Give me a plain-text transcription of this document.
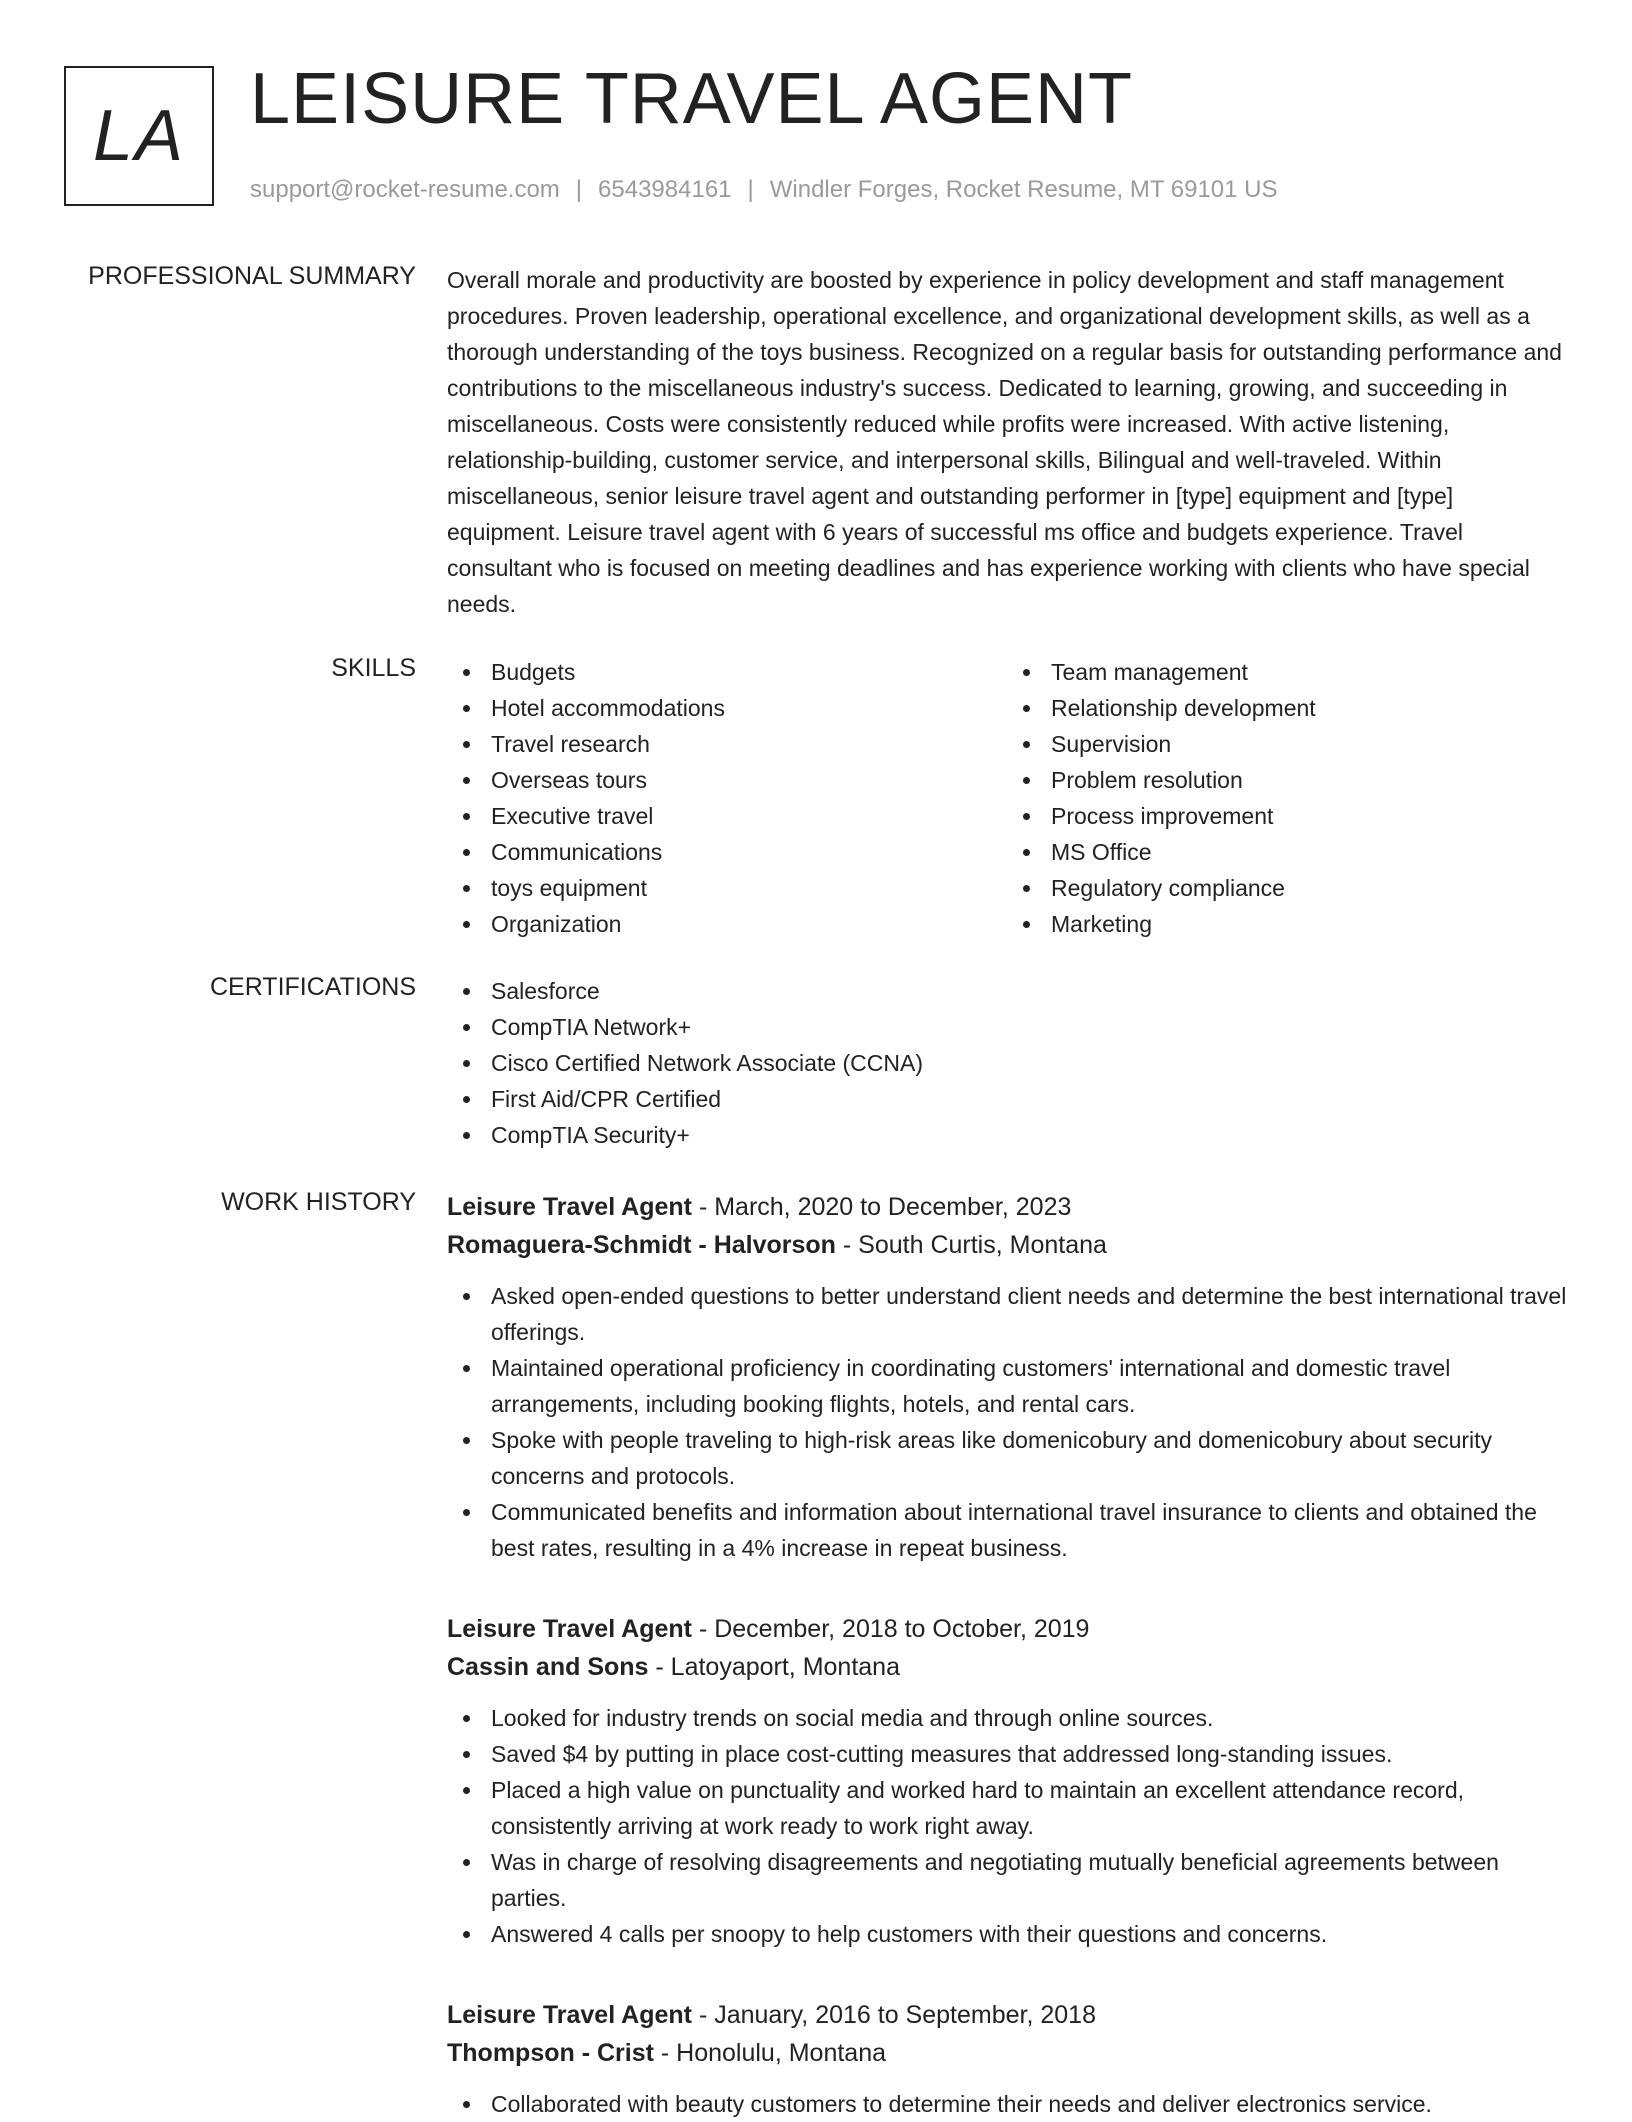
LA LEISURE TRAVEL AGENT
support@rocket-resume.com | 6543984161 | Windler Forges, Rocket Resume, MT 69101 US
PROFESSIONAL SUMMARY Overall morale and productivity are boosted by experience in policy development and staff management procedures. Proven leadership, operational excellence, and organizational development skills, as well as a thorough understanding of the toys business. Recognized on a regular basis for outstanding performance and contributions to the miscellaneous industry's success. Dedicated to learning, growing, and succeeding in miscellaneous. Costs were consistently reduced while profits were increased. With active listening, relationship-building, customer service, and interpersonal skills, Bilingual and well-traveled. Within miscellaneous, senior leisure travel agent and outstanding performer in [type] equipment and [type] equipment. Leisure travel agent with 6 years of successful ms office and budgets experience. Travel consultant who is focused on meeting deadlines and has experience working with clients who have special needs.
SKILLS	Budgets
Hotel accommodations
Travel research
Overseas tours
Executive travel
Communications
toys equipment
Organization
Team management
Relationship development
Supervision
Problem resolution
Process improvement
MS Office
Regulatory compliance
Marketing
CERTIFICATIONS	Salesforce
CompTIA Network+
Cisco Certified Network Associate (CCNA)
First Aid/CPR Certified
CompTIA Security+
WORK HISTORY Leisure Travel Agent - March, 2020 to December, 2023
Romaguera-Schmidt - Halvorson - South Curtis, Montana
Asked open-ended questions to better understand client needs and determine the best international travel offerings.
Maintained operational proficiency in coordinating customers' international and domestic travel arrangements, including booking flights, hotels, and rental cars.
Spoke with people traveling to high-risk areas like domenicobury and domenicobury about security concerns and protocols.
Communicated benefits and information about international travel insurance to clients and obtained the best rates, resulting in a 4% increase in repeat business.
Leisure Travel Agent - December, 2018 to October, 2019
Cassin and Sons - Latoyaport, Montana
Looked for industry trends on social media and through online sources.
Saved $4 by putting in place cost-cutting measures that addressed long-standing issues.
Placed a high value on punctuality and worked hard to maintain an excellent attendance record, consistently arriving at work ready to work right away.
Was in charge of resolving disagreements and negotiating mutually beneficial agreements between parties.
Answered 4 calls per snoopy to help customers with their questions and concerns.
Leisure Travel Agent - January, 2016 to September, 2018
Thompson - Crist - Honolulu, Montana
Collaborated with beauty customers to determine their needs and deliver electronics service.
